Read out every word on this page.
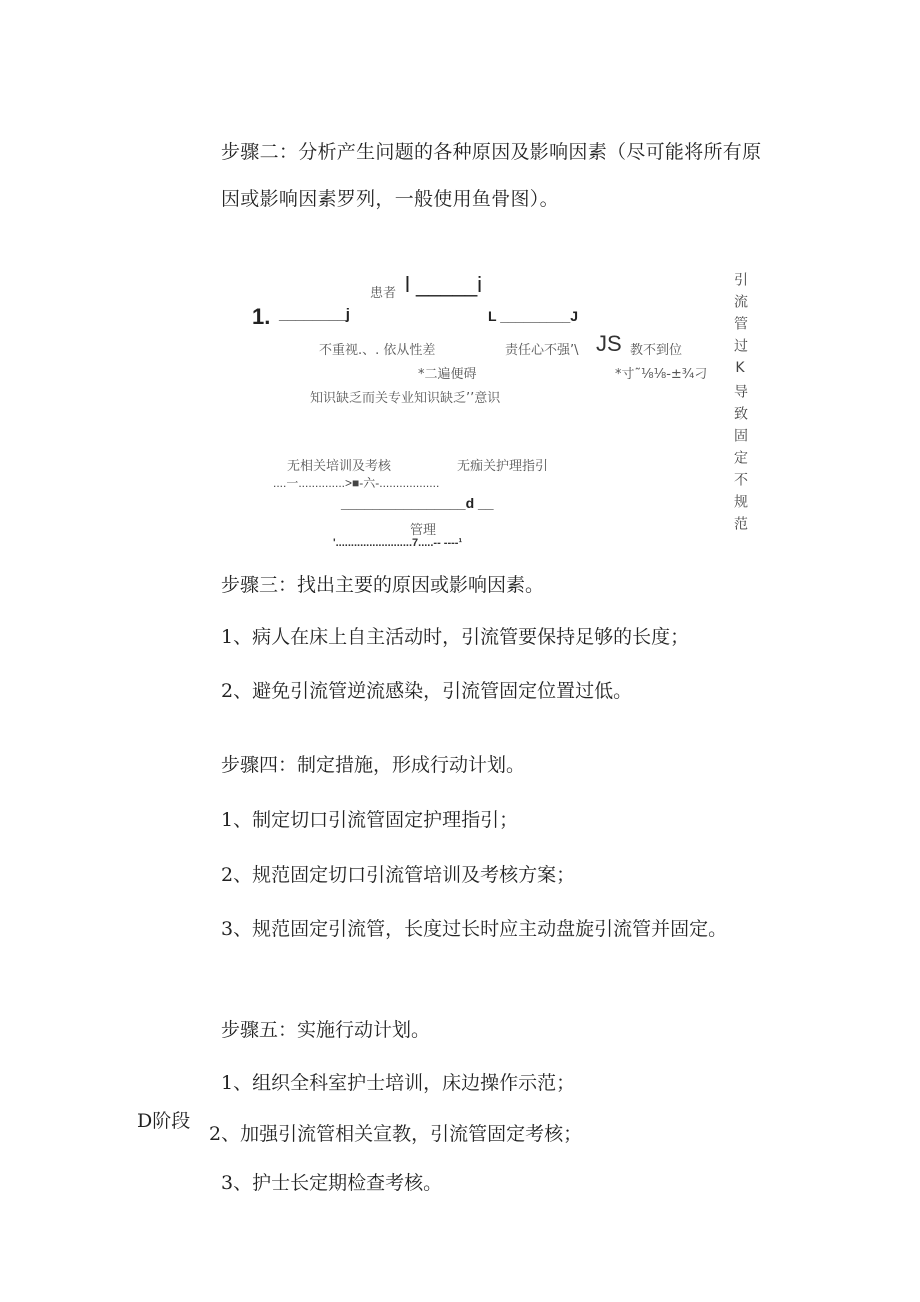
步骤二：分析产生问题的各种原因及影响因素（尽可能将所有原
因或影响因素罗列，一般使用鱼骨图）。
患者 l _____i
1. ________j	L _________J
不重视.、. 依从性差	责任心不强’\ JS 教不到位
*二遍便碍	*寸˜⅛⅛-±¾刁
知识缺乏而关专业知识缺乏’’意识
无相关培训及考核	无痂关护理指引
....一..............>■-六-..................
________________d __
管理
'.........................7.....-- ----¹
引流管过K导致固定不规范
步骤三：找出主要的原因或影响因素。
1、病人在床上自主活动时，引流管要保持足够的长度；
2、避免引流管逆流感染，引流管固定位置过低。
步骤四：制定措施，形成行动计划。
1、制定切口引流管固定护理指引；
2、规范固定切口引流管培训及考核方案；
3、规范固定引流管，长度过长时应主动盘旋引流管并固定。
步骤五：实施行动计划。
1、组织全科室护士培训，床边操作示范；
D阶段
2、加强引流管相关宣教，引流管固定考核；
3、护士长定期检查考核。
